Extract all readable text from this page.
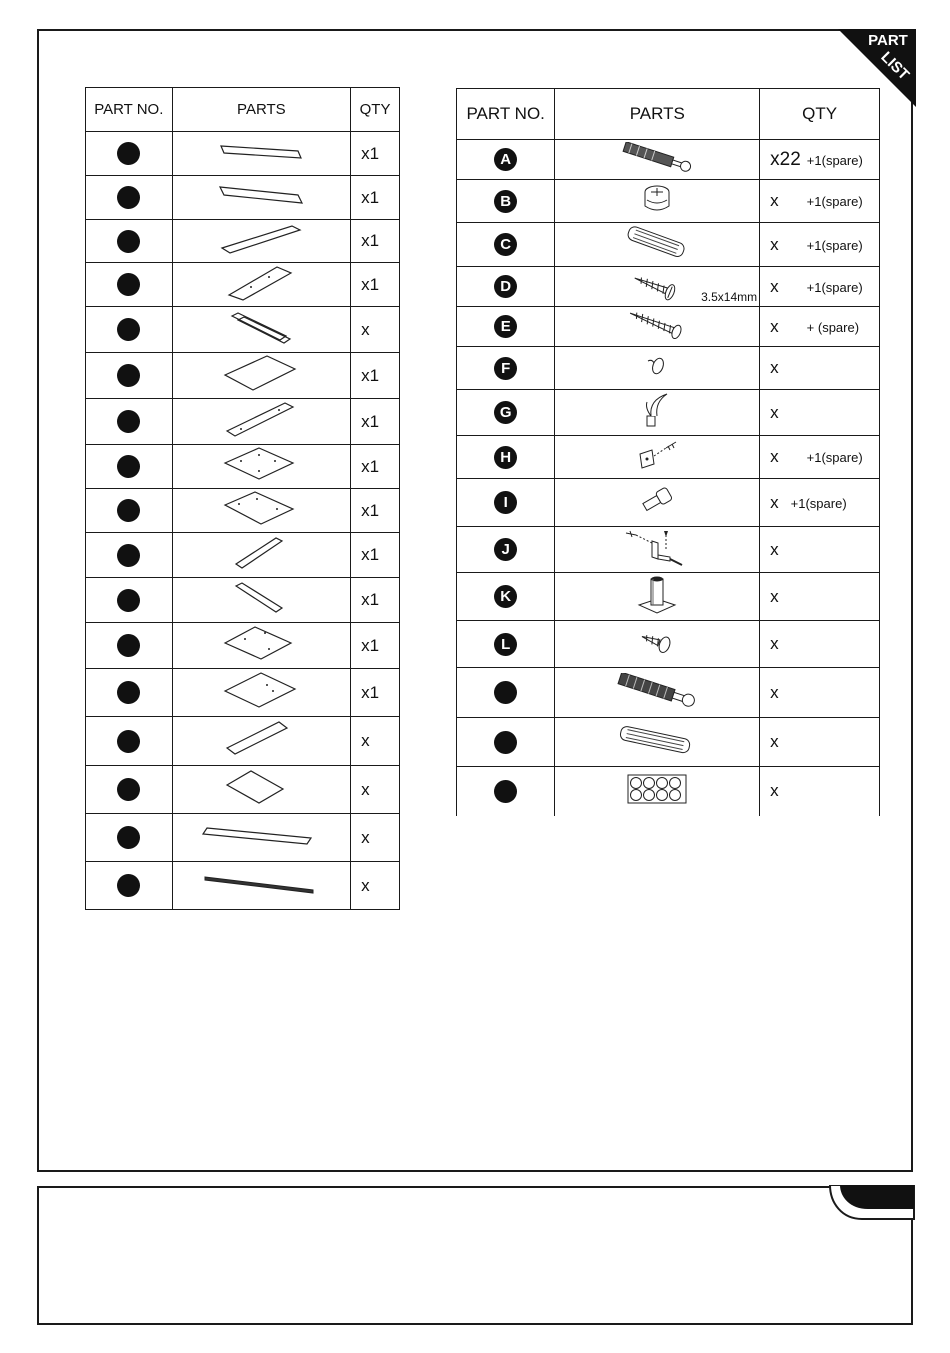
PART
LIST
PART NO.	PARTS	QTY
		x1
		x1
		x1
		x1
		x
		x1
		x1
		x1
		x1
		x1
		x1
		x1
		x1
		x
		x
		x
		x
PART NO.	PARTS	QTY
A		x22 +1(spare)
B		x +1(spare)
C		x +1(spare)
D	3.5x14mm	x +1(spare)
E		x + (spare)
F		x
G		x
H		x +1(spare)
I		x +1(spare)
J		x
K		x
L		x
		x
		x
		x
